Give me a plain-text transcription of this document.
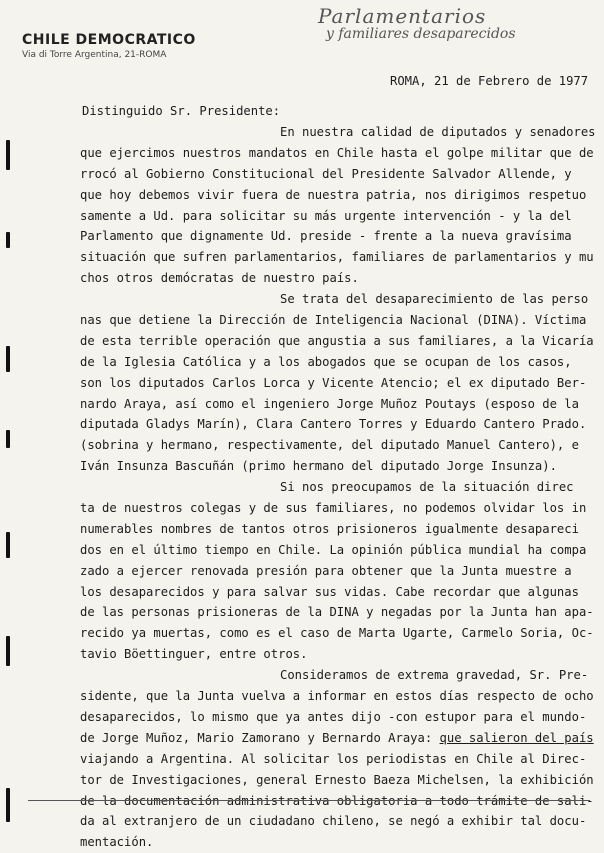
CHILE DEMOCRATICO
Via di Torre Argentina, 21-ROMA
Parlamentarios
y familiares desaparecidos
ROMA, 21 de Febrero de 1977
Distinguido Sr. Presidente:
En nuestra calidad de diputados y senadores
que ejercimos nuestros mandatos en Chile hasta el golpe militar que de
rrocó al Gobierno Constitucional del Presidente Salvador Allende, y
que hoy debemos vivir fuera de nuestra patria, nos dirigimos respetuo
samente a Ud. para solicitar su más urgente intervención - y la del
Parlamento que dignamente Ud. preside - frente a la nueva gravísima
situación que sufren parlamentarios, familiares de parlamentarios y mu
chos otros demócratas de nuestro país.
Se trata del desaparecimiento de las perso
nas que detiene la Dirección de Inteligencia Nacional (DINA). Víctima
de esta terrible operación que angustia a sus familiares, a la Vicaría
de la Iglesia Católica y a los abogados que se ocupan de los casos,
son los diputados Carlos Lorca y Vicente Atencio; el ex diputado Ber-
nardo Araya, así como el ingeniero Jorge Muñoz Poutays (esposo de la
diputada Gladys Marín), Clara Cantero Torres y Eduardo Cantero Prado.
(sobrina y hermano, respectivamente, del diputado Manuel Cantero), e
Iván Insunza Bascuñán (primo hermano del diputado Jorge Insunza).
Si nos preocupamos de la situación direc
ta de nuestros colegas y de sus familiares, no podemos olvidar los in
numerables nombres de tantos otros prisioneros igualmente desapareci
dos en el último tiempo en Chile. La opinión pública mundial ha compa
zado a ejercer renovada presión para obtener que la Junta muestre a
los desaparecidos y para salvar sus vidas. Cabe recordar que algunas
de las personas prisioneras de la DINA y negadas por la Junta han apa-
recido ya muertas, como es el caso de Marta Ugarte, Carmelo Soria, Oc-
tavio Böettinguer, entre otros.
Consideramos de extrema gravedad, Sr. Pre-
sidente, que la Junta vuelva a informar en estos días respecto de ocho
desaparecidos, lo mismo que ya antes dijo -con estupor para el mundo-
de Jorge Muñoz, Mario Zamorano y Bernardo Araya: que salieron del país
viajando a Argentina. Al solicitar los periodistas en Chile al Direc-
tor de Investigaciones, general Ernesto Baeza Michelsen, la exhibición
de la documentación administrativa obligatoria a todo trámite de sali-
da al extranjero de un ciudadano chileno, se negó a exhibir tal docu-
mentación.
